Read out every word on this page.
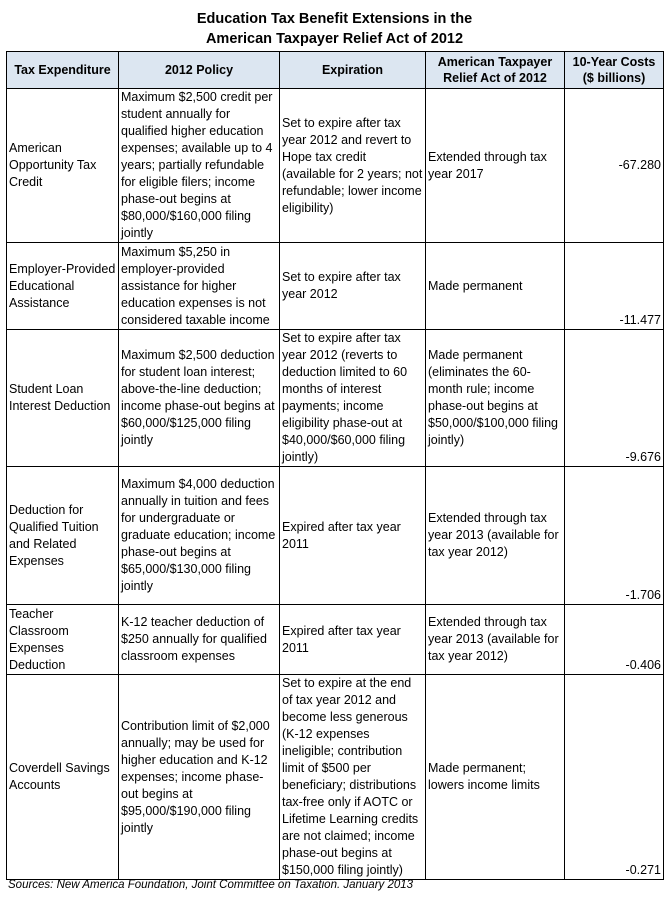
Education Tax Benefit Extensions in the
American Taxpayer Relief Act of 2012
Tax Expenditure	2012 Policy	Expiration	American Taxpayer Relief Act of 2012	10-Year Costs ($ billions)
American Opportunity Tax Credit	Maximum $2,500 credit per student annually for qualified higher education expenses; available up to 4 years; partially refundable for eligible filers; income phase-out begins at $80,000/$160,000 filing jointly	Set to expire after tax year 2012 and revert to Hope tax credit (available for 2 years; not refundable; lower income eligibility)	Extended through tax year 2017	-67.280
Employer-Provided Educational Assistance	Maximum $5,250 in employer-provided assistance for higher education expenses is not considered taxable income	Set to expire after tax year 2012	Made permanent	-11.477
Student Loan Interest Deduction	Maximum $2,500 deduction for student loan interest; above-the-line deduction; income phase-out begins at $60,000/$125,000 filing jointly	Set to expire after tax year 2012 (reverts to deduction limited to 60 months of interest payments; income eligibility phase-out at $40,000/$60,000 filing jointly)	Made permanent (eliminates the 60-month rule; income phase-out begins at $50,000/$100,000 filing jointly)	-9.676
Deduction for Qualified Tuition and Related Expenses	Maximum $4,000 deduction annually in tuition and fees for undergraduate or graduate education; income phase-out begins at $65,000/$130,000 filing jointly	Expired after tax year 2011	Extended through tax year 2013 (available for tax year 2012)	-1.706
Teacher Classroom Expenses Deduction	K-12 teacher deduction of $250 annually for qualified classroom expenses	Expired after tax year 2011	Extended through tax year 2013 (available for tax year 2012)	-0.406
Coverdell Savings Accounts	Contribution limit of $2,000 annually; may be used for higher education and K-12 expenses; income phase-out begins at $95,000/$190,000 filing jointly	Set to expire at the end of tax year 2012 and become less generous (K-12 expenses ineligible; contribution limit of $500 per beneficiary; distributions tax-free only if AOTC or Lifetime Learning credits are not claimed; income phase-out begins at $150,000 filing jointly)	Made permanent; lowers income limits	-0.271
Sources: New America Foundation, Joint Committee on Taxation. January 2013
